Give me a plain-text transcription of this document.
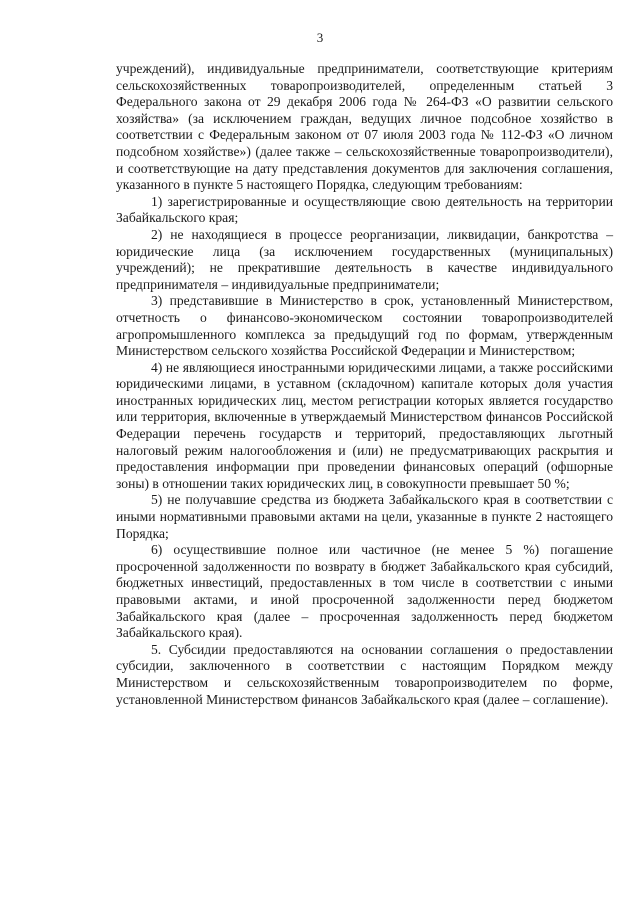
3

учреждений), индивидуальные предприниматели, соответствующие критериям сельскохозяйственных товаропроизводителей, определенным статьей 3 Федерального закона от 29 декабря 2006 года № 264-ФЗ «О развитии сельского хозяйства» (за исключением граждан, ведущих личное подсобное хозяйство в соответствии с Федеральным законом от 07 июля 2003 года № 112-ФЗ «О личном подсобном хозяйстве») (далее также – сельскохозяйственные товаропроизводители), и соответствующие на дату представления документов для заключения соглашения, указанного в пункте 5 настоящего Порядка, следующим требованиям:

1) зарегистрированные и осуществляющие свою деятельность на территории Забайкальского края;

2) не находящиеся в процессе реорганизации, ликвидации, банкротства – юридические лица (за исключением государственных (муниципальных) учреждений); не прекратившие деятельность в качестве индивидуального предпринимателя – индивидуальные предприниматели;

3) представившие в Министерство в срок, установленный Министерством, отчетность о финансово-экономическом состоянии товаропроизводителей агропромышленного комплекса за предыдущий год по формам, утвержденным Министерством сельского хозяйства Российской Федерации и Министерством;

4) не являющиеся иностранными юридическими лицами, а также российскими юридическими лицами, в уставном (складочном) капитале которых доля участия иностранных юридических лиц, местом регистрации которых является государство или территория, включенные в утверждаемый Министерством финансов Российской Федерации перечень государств и территорий, предоставляющих льготный налоговый режим налогообложения и (или) не предусматривающих раскрытия и предоставления информации при проведении финансовых операций (офшорные зоны) в отношении таких юридических лиц, в совокупности превышает 50 %;

5) не получавшие средства из бюджета Забайкальского края в соответствии с иными нормативными правовыми актами на цели, указанные в пункте 2 настоящего Порядка;

6) осуществившие полное или частичное (не менее 5 %) погашение просроченной задолженности по возврату в бюджет Забайкальского края субсидий, бюджетных инвестиций, предоставленных в том числе в соответствии с иными правовыми актами, и иной просроченной задолженности перед бюджетом Забайкальского края (далее – просроченная задолженность перед бюджетом Забайкальского края).

5. Субсидии предоставляются на основании соглашения о предоставлении субсидии, заключенного в соответствии с настоящим Порядком между Министерством и сельскохозяйственным товаропроизводителем по форме, установленной Министерством финансов Забайкальского края (далее – соглашение).
